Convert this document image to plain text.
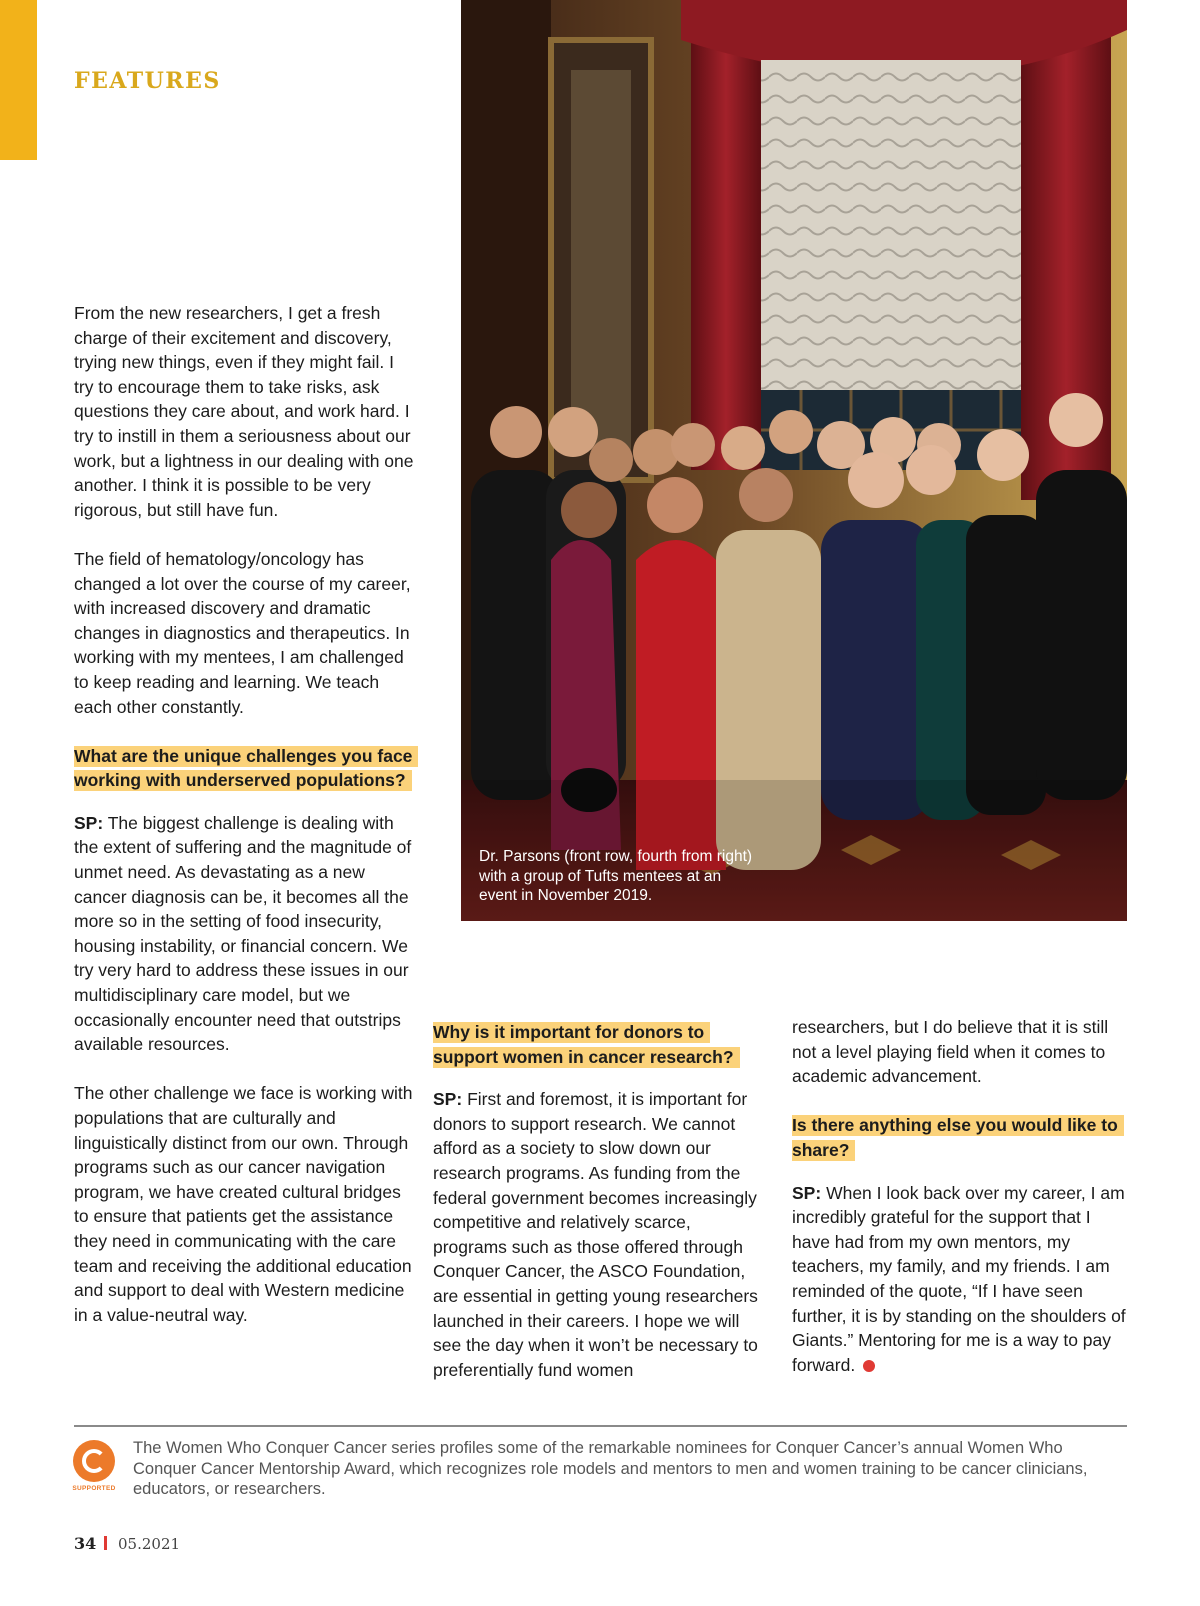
FEATURES

From the new researchers, I get a fresh charge of their excitement and discovery, trying new things, even if they might fail. I try to encourage them to take risks, ask questions they care about, and work hard. I try to instill in them a seriousness about our work, but a lightness in our dealing with one another. I think it is possible to be very rigorous, but still have fun.

The field of hematology/oncology has changed a lot over the course of my career, with increased discovery and dramatic changes in diagnostics and therapeutics. In working with my mentees, I am challenged to keep reading and learning. We teach each other constantly.

What are the unique challenges you face working with underserved populations?

SP: The biggest challenge is dealing with the extent of suffering and the magnitude of unmet need. As devastating as a new cancer diagnosis can be, it becomes all the more so in the setting of food insecurity, housing instability, or financial concern. We try very hard to address these issues in our multidisciplinary care model, but we occasionally encounter need that outstrips available resources.

The other challenge we face is working with populations that are culturally and linguistically distinct from our own. Through programs such as our cancer navigation program, we have created cultural bridges to ensure that patients get the assistance they need in communicating with the care team and receiving the additional education and support to deal with Western medicine in a value-neutral way.

Dr. Parsons (front row, fourth from right) with a group of Tufts mentees at an event in November 2019.
Why is it important for donors to support women in cancer research?

SP: First and foremost, it is important for donors to support research. We cannot afford as a society to slow down our research programs. As funding from the federal government becomes increasingly competitive and relatively scarce, programs such as those offered through Conquer Cancer, the ASCO Foundation, are essential in getting young researchers launched in their careers. I hope we will see the day when it won’t be necessary to preferentially fund women

researchers, but I do believe that it is still not a level playing field when it comes to academic advancement.

Is there anything else you would like to share?

SP: When I look back over my career, I am incredibly grateful for the support that I have had from my own mentors, my teachers, my family, and my friends. I am reminded of the quote, “If I have seen further, it is by standing on the shoulders of Giants.” Mentoring for me is a way to pay forward.

SUPPORTED
The Women Who Conquer Cancer series profiles some of the remarkable nominees for Conquer Cancer’s annual Women Who Conquer Cancer Mentorship Award, which recognizes role models and mentors to men and women training to be cancer clinicians, educators, or researchers.
34 05.2021
